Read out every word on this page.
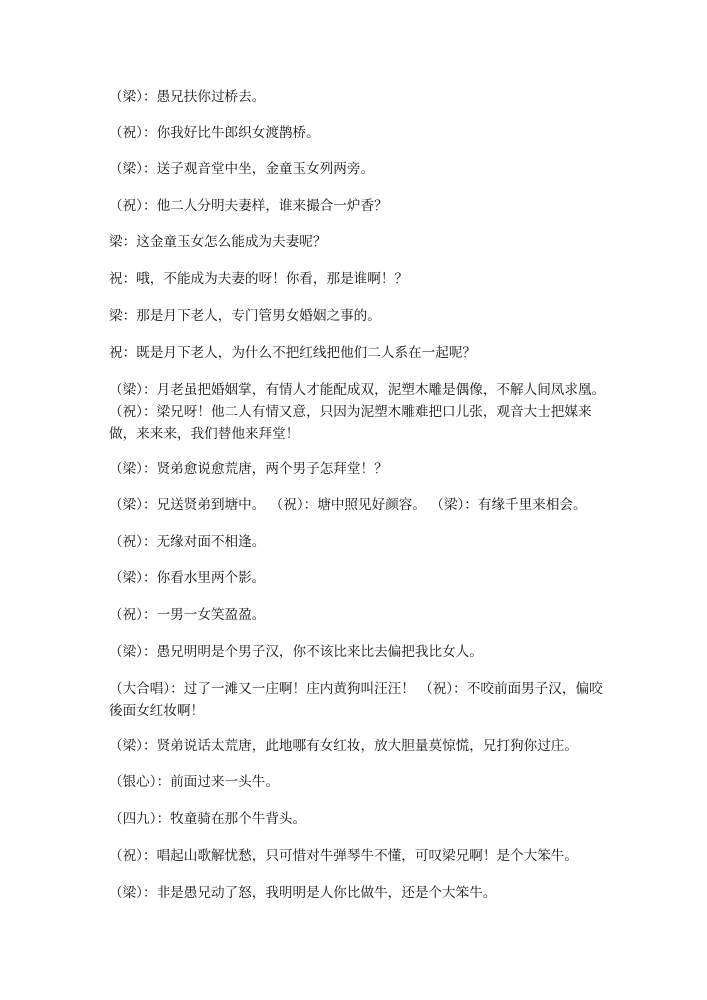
（梁）：愚兄扶你过桥去。

（祝）：你我好比牛郎织女渡鹊桥。

（梁）：送子观音堂中坐，金童玉女列两旁。

（祝）：他二人分明夫妻样，谁来撮合一炉香？

梁：这金童玉女怎么能成为夫妻呢？

祝：哦，不能成为夫妻的呀！你看，那是谁啊！？

梁：那是月下老人，专门管男女婚姻之事的。

祝：既是月下老人，为什么不把红线把他们二人系在一起呢？

（梁）：月老虽把婚姻掌，有情人才能配成双，泥塑木雕是偶像，不解人间凤求凰。 （祝）：梁兄呀！他二人有情又意，只因为泥塑木雕难把口儿张，观音大士把媒来做，来来来，我们替他来拜堂！

（梁）：贤弟愈说愈荒唐，两个男子怎拜堂！？

（梁）：兄送贤弟到塘中。 （祝）：塘中照见好颜容。 （梁）：有缘千里来相会。

（祝）：无缘对面不相逢。

（梁）：你看水里两个影。

（祝）：一男一女笑盈盈。

（梁）：愚兄明明是个男子汉，你不该比来比去偏把我比女人。

（大合唱）：过了一滩又一庄啊！庄内黄狗叫汪汪！ （祝）：不咬前面男子汉，偏咬後面女红妆啊！

（梁）：贤弟说话太荒唐，此地哪有女红妆，放大胆量莫惊慌，兄打狗你过庄。

（银心）：前面过来一头牛。

（四九）：牧童骑在那个牛背头。

（祝）：唱起山歌解忧愁，只可惜对牛弹琴牛不懂，可叹梁兄啊！是个大笨牛。

（梁）：非是愚兄动了怒，我明明是人你比做牛，还是个大笨牛。
